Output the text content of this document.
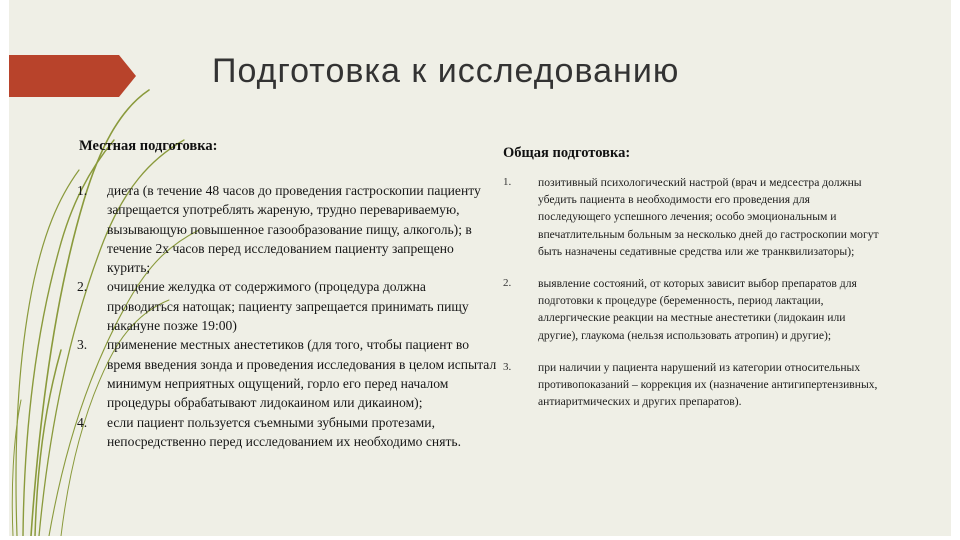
Подготовка к исследованию
Местная подготовка:
1. диета (в течение 48 часов до проведения гастроскопии пациенту запрещается употреблять жареную, трудно перевариваемую, вызывающую повышенное газообразование пищу, алкоголь); в течение 2х часов перед исследованием пациенту запрещено курить;
2. очищение желудка от содержимого (процедура должна проводиться натощак; пациенту запрещается принимать пищу накануне позже 19:00)
3. применение местных анестетиков (для того, чтобы пациент во время введения зонда и проведения исследования в целом испытал минимум неприятных ощущений, горло его перед началом процедуры обрабатывают лидокаином или дикаином);
4. если пациент пользуется съемными зубными протезами, непосредственно перед исследованием их необходимо снять.
Общая подготовка:
1. позитивный психологический настрой (врач и медсестра должны убедить пациента в необходимости его проведения для последующего успешного лечения; особо эмоциональным и впечатлительным больным за несколько дней до гастроскопии могут быть назначены седативные средства или же транквилизаторы);
2. выявление состояний, от которых зависит выбор препаратов для подготовки к процедуре (беременность, период лактации, аллергические реакции на местные анестетики (лидокаин или другие), глаукома (нельзя использовать атропин) и другие);
3. при наличии у пациента нарушений из категории относительных противопоказаний – коррекция их (назначение антигипертензивных, антиаритмических и других препаратов).
